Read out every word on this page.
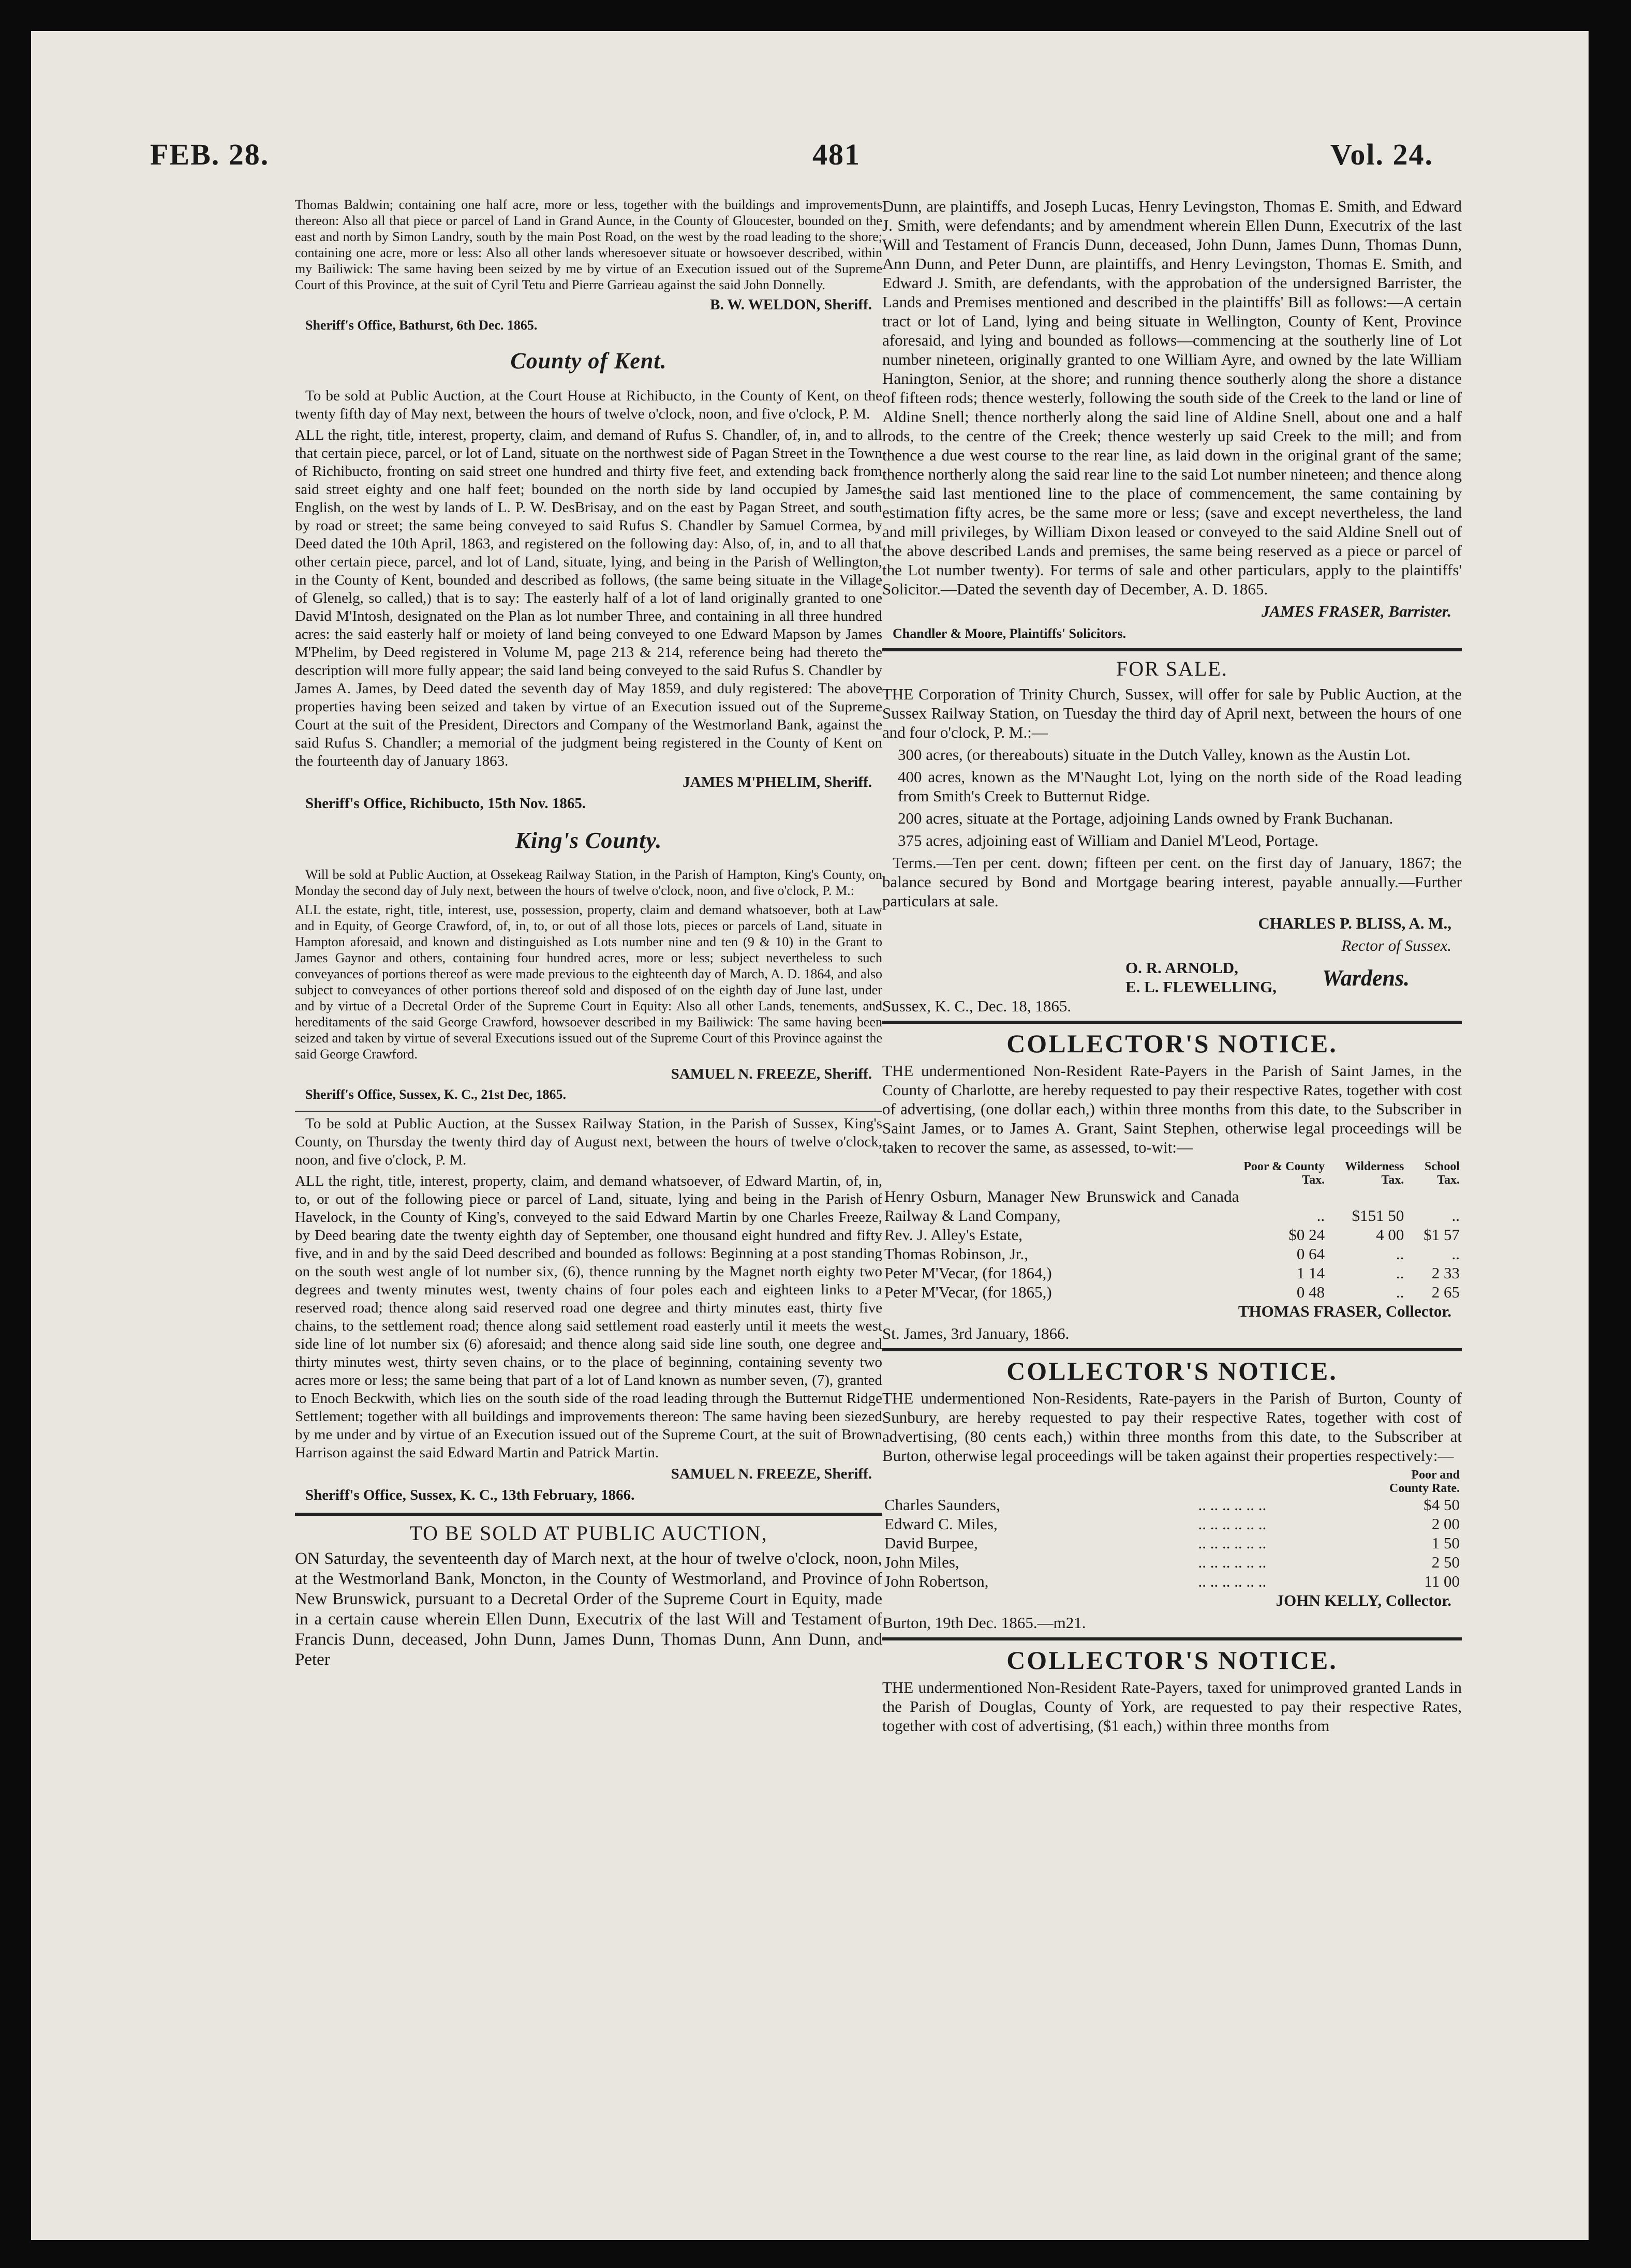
FEB. 28.	481	Vol. 24.

Thomas Baldwin; containing one half acre, more or less, together with the buildings and improvements thereon: Also all that piece or parcel of Land in Grand Aunce, in the County of Gloucester, bounded on the east and north by Simon Landry, south by the main Post Road, on the west by the road leading to the shore; containing one acre, more or less: Also all other lands wheresoever situate or howsoever described, within my Bailiwick: The same having been seized by me by virtue of an Execution issued out of the Supreme Court of this Province, at the suit of Cyril Tetu and Pierre Garrieau against the said John Donnelly.

B. W. WELDON, Sheriff.

Sheriff's Office, Bathurst, 6th Dec. 1865.

County of Kent.

To be sold at Public Auction, at the Court House at Richibucto, in the County of Kent, on the twenty fifth day of May next, between the hours of twelve o'clock, noon, and five o'clock, P. M.

ALL the right, title, interest, property, claim, and demand of Rufus S. Chandler, of, in, and to all that certain piece, parcel, or lot of Land, situate on the northwest side of Pagan Street in the Town of Richibucto, fronting on said street one hundred and thirty five feet, and extending back from said street eighty and one half feet; bounded on the north side by land occupied by James English, on the west by lands of L. P. W. DesBrisay, and on the east by Pagan Street, and south by road or street; the same being conveyed to said Rufus S. Chandler by Samuel Cormea, by Deed dated the 10th April, 1863, and registered on the following day: Also, of, in, and to all that other certain piece, parcel, and lot of Land, situate, lying, and being in the Parish of Wellington, in the County of Kent, bounded and described as follows, (the same being situate in the Village of Glenelg, so called,) that is to say: The easterly half of a lot of land originally granted to one David M'Intosh, designated on the Plan as lot number Three, and containing in all three hundred acres: the said easterly half or moiety of land being conveyed to one Edward Mapson by James M'Phelim, by Deed registered in Volume M, page 213 & 214, reference being had thereto the description will more fully appear; the said land being conveyed to the said Rufus S. Chandler by James A. James, by Deed dated the seventh day of May 1859, and duly registered: The above properties having been seized and taken by virtue of an Execution issued out of the Supreme Court at the suit of the President, Directors and Company of the Westmorland Bank, against the said Rufus S. Chandler; a memorial of the judgment being registered in the County of Kent on the fourteenth day of January 1863.

JAMES M'PHELIM, Sheriff.

Sheriff's Office, Richibucto, 15th Nov. 1865.

King's County.

Will be sold at Public Auction, at Ossekeag Railway Station, in the Parish of Hampton, King's County, on Monday the second day of July next, between the hours of twelve o'clock, noon, and five o'clock, P. M.:

ALL the estate, right, title, interest, use, possession, property, claim and demand whatsoever, both at Law and in Equity, of George Crawford, of, in, to, or out of all those lots, pieces or parcels of Land, situate in Hampton aforesaid, and known and distinguished as Lots number nine and ten (9 & 10) in the Grant to James Gaynor and others, containing four hundred acres, more or less; subject nevertheless to such conveyances of portions thereof as were made previous to the eighteenth day of March, A. D. 1864, and also subject to conveyances of other portions thereof sold and disposed of on the eighth day of June last, under and by virtue of a Decretal Order of the Supreme Court in Equity: Also all other Lands, tenements, and hereditaments of the said George Crawford, howsoever described in my Bailiwick: The same having been seized and taken by virtue of several Executions issued out of the Supreme Court of this Province against the said George Crawford.

SAMUEL N. FREEZE, Sheriff.

Sheriff's Office, Sussex, K. C., 21st Dec, 1865.

To be sold at Public Auction, at the Sussex Railway Station, in the Parish of Sussex, King's County, on Thursday the twenty third day of August next, between the hours of twelve o'clock, noon, and five o'clock, P. M.

ALL the right, title, interest, property, claim, and demand whatsoever, of Edward Martin, of, in, to, or out of the following piece or parcel of Land, situate, lying and being in the Parish of Havelock, in the County of King's, conveyed to the said Edward Martin by one Charles Freeze, by Deed bearing date the twenty eighth day of September, one thousand eight hundred and fifty five, and in and by the said Deed described and bounded as follows: Beginning at a post standing on the south west angle of lot number six, (6), thence running by the Magnet north eighty two degrees and twenty minutes west, twenty chains of four poles each and eighteen links to a reserved road; thence along said reserved road one degree and thirty minutes east, thirty five chains, to the settlement road; thence along said settlement road easterly until it meets the west side line of lot number six (6) aforesaid; and thence along said side line south, one degree and thirty minutes west, thirty seven chains, or to the place of beginning, containing seventy two acres more or less; the same being that part of a lot of Land known as number seven, (7), granted to Enoch Beckwith, which lies on the south side of the road leading through the Butternut Ridge Settlement; together with all buildings and improvements thereon: The same having been siezed by me under and by virtue of an Execution issued out of the Supreme Court, at the suit of Brown Harrison against the said Edward Martin and Patrick Martin.

SAMUEL N. FREEZE, Sheriff.

Sheriff's Office, Sussex, K. C., 13th February, 1866.

TO BE SOLD AT PUBLIC AUCTION,

ON Saturday, the seventeenth day of March next, at the hour of twelve o'clock, noon, at the Westmorland Bank, Moncton, in the County of Westmorland, and Province of New Brunswick, pursuant to a Decretal Order of the Supreme Court in Equity, made in a certain cause wherein Ellen Dunn, Executrix of the last Will and Testament of Francis Dunn, deceased, John Dunn, James Dunn, Thomas Dunn, Ann Dunn, and Peter

Dunn, are plaintiffs, and Joseph Lucas, Henry Levingston, Thomas E. Smith, and Edward J. Smith, were defendants; and by amendment wherein Ellen Dunn, Executrix of the last Will and Testament of Francis Dunn, deceased, John Dunn, James Dunn, Thomas Dunn, Ann Dunn, and Peter Dunn, are plaintiffs, and Henry Levingston, Thomas E. Smith, and Edward J. Smith, are defendants, with the approbation of the undersigned Barrister, the Lands and Premises mentioned and described in the plaintiffs' Bill as follows:—A certain tract or lot of Land, lying and being situate in Wellington, County of Kent, Province aforesaid, and lying and bounded as follows—commencing at the southerly line of Lot number nineteen, originally granted to one William Ayre, and owned by the late William Hanington, Senior, at the shore; and running thence southerly along the shore a distance of fifteen rods; thence westerly, following the south side of the Creek to the land or line of Aldine Snell; thence northerly along the said line of Aldine Snell, about one and a half rods, to the centre of the Creek; thence westerly up said Creek to the mill; and from thence a due west course to the rear line, as laid down in the original grant of the same; thence northerly along the said rear line to the said Lot number nineteen; and thence along the said last mentioned line to the place of commencement, the same containing by estimation fifty acres, be the same more or less; (save and except nevertheless, the land and mill privileges, by William Dixon leased or conveyed to the said Aldine Snell out of the above described Lands and premises, the same being reserved as a piece or parcel of the Lot number twenty). For terms of sale and other particulars, apply to the plaintiffs' Solicitor.—Dated the seventh day of December, A. D. 1865.

JAMES FRASER, Barrister.

Chandler & Moore, Plaintiffs' Solicitors.

FOR SALE.

THE Corporation of Trinity Church, Sussex, will offer for sale by Public Auction, at the Sussex Railway Station, on Tuesday the third day of April next, between the hours of one and four o'clock, P. M.:—

300 acres, (or thereabouts) situate in the Dutch Valley, known as the Austin Lot.

400 acres, known as the M'Naught Lot, lying on the north side of the Road leading from Smith's Creek to Butternut Ridge.

200 acres, situate at the Portage, adjoining Lands owned by Frank Buchanan.

375 acres, adjoining east of William and Daniel M'Leod, Portage.

Terms.—Ten per cent. down; fifteen per cent. on the first day of January, 1867; the balance secured by Bond and Mortgage bearing interest, payable annually.—Further particulars at sale.

CHARLES P. BLISS, A. M.,

Rector of Sussex.

O. R. ARNOLD,
E. L. FLEWELLING,	Wardens.

Sussex, K. C., Dec. 18, 1865.

COLLECTOR'S NOTICE.

THE undermentioned Non-Resident Rate-Payers in the Parish of Saint James, in the County of Charlotte, are hereby requested to pay their respective Rates, together with cost of advertising, (one dollar each,) within three months from this date, to the Subscriber in Saint James, or to James A. Grant, Saint Stephen, otherwise legal proceedings will be taken to recover the same, as assessed, to-wit:—

	Poor & County Tax.	Wilderness Tax.	School Tax.
Henry Osburn, Manager New Brunswick and Canada Railway & Land Company,	..	$151 50	..
Rev. J. Alley's Estate,	$0 24	4 00	$1 57
Thomas Robinson, Jr.,	0 64	..	..
Peter M'Vecar, (for 1864,)	1 14	..	2 33
Peter M'Vecar, (for 1865,)	0 48	..	2 65

THOMAS FRASER, Collector.

St. James, 3rd January, 1866.

COLLECTOR'S NOTICE.

THE undermentioned Non-Residents, Rate-payers in the Parish of Burton, County of Sunbury, are hereby requested to pay their respective Rates, together with cost of advertising, (80 cents each,) within three months from this date, to the Subscriber at Burton, otherwise legal proceedings will be taken against their properties respectively:—

		Poor and County Rate.
Charles Saunders,	.. .. .. .. .. ..	$4 50
Edward C. Miles,	.. .. .. .. .. ..	2 00
David Burpee,	.. .. .. .. .. ..	1 50
John Miles,	.. .. .. .. .. ..	2 50
John Robertson,	.. .. .. .. .. ..	11 00

JOHN KELLY, Collector.

Burton, 19th Dec. 1865.—m21.

COLLECTOR'S NOTICE.

THE undermentioned Non-Resident Rate-Payers, taxed for unimproved granted Lands in the Parish of Douglas, County of York, are requested to pay their respective Rates, together with cost of advertising, ($1 each,) within three months from
